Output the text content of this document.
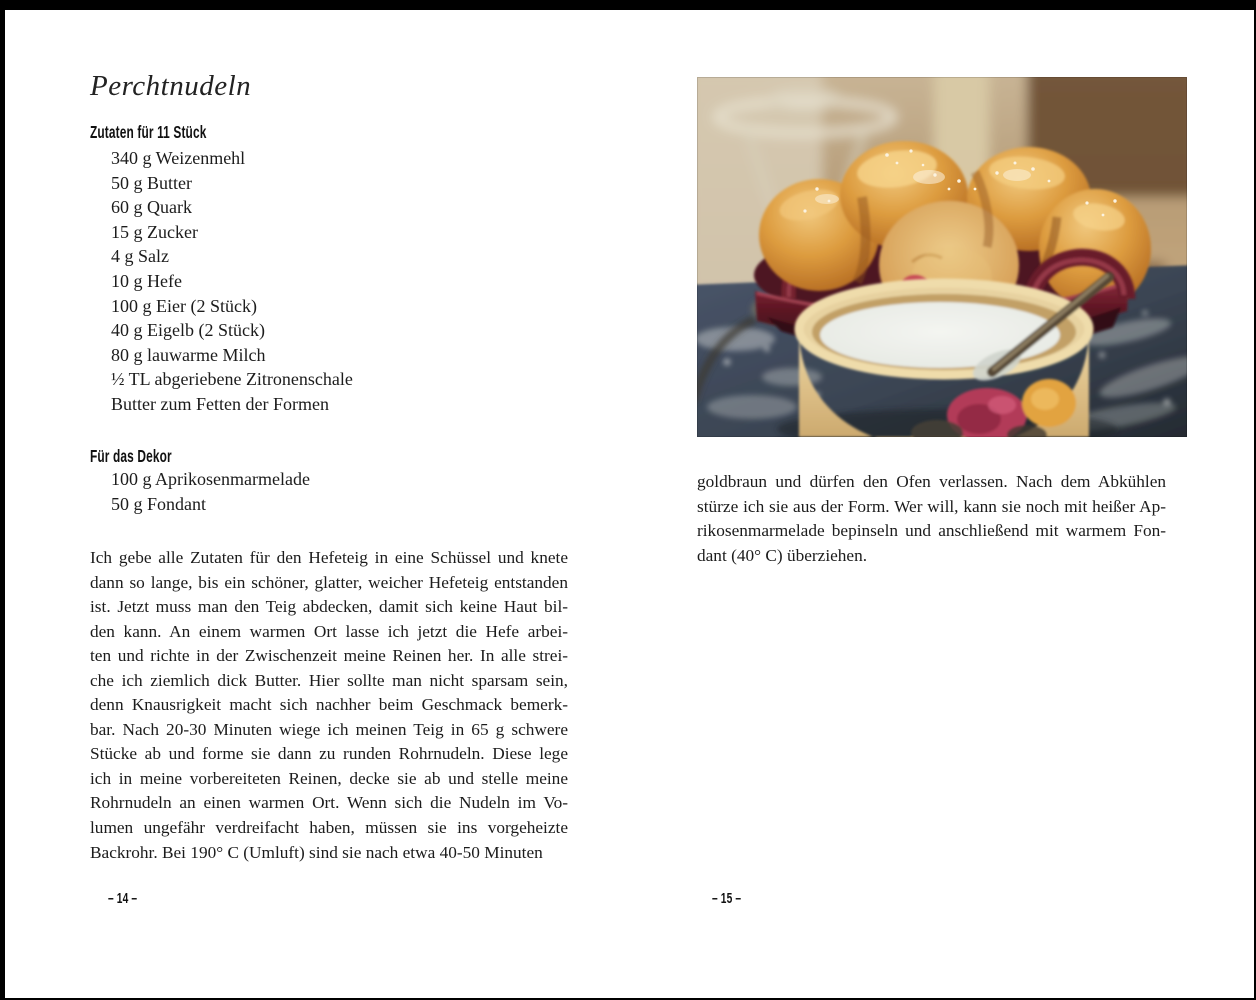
Perchtnudeln
Zutaten für 11 Stück
340 g Weizenmehl
50 g Butter
60 g Quark
15 g Zucker
4 g Salz
10 g Hefe
100 g Eier (2 Stück)
40 g Eigelb (2 Stück)
80 g lauwarme Milch
½ TL abgeriebene Zitronenschale
Butter zum Fetten der Formen
Für das Dekor
100 g Aprikosenmarmelade
50 g Fondant
Ich gebe alle Zutaten für den Hefeteig in eine Schüssel und knete
dann so lange, bis ein schöner, glatter, weicher Hefeteig entstanden
ist. Jetzt muss man den Teig abdecken, damit sich keine Haut bil-
den kann. An einem warmen Ort lasse ich jetzt die Hefe arbei-
ten und richte in der Zwischenzeit meine Reinen her. In alle strei-
che ich ziemlich dick Butter. Hier sollte man nicht sparsam sein,
denn Knausrigkeit macht sich nachher beim Geschmack bemerk-
bar. Nach 20-30 Minuten wiege ich meinen Teig in 65 g schwere
Stücke ab und forme sie dann zu runden Rohrnudeln. Diese lege
ich in meine vorbereiteten Reinen, decke sie ab und stelle meine
Rohrnudeln an einen warmen Ort. Wenn sich die Nudeln im Vo-
lumen ungefähr verdreifacht haben, müssen sie ins vorgeheizte
Backrohr. Bei 190° C (Umluft) sind sie nach etwa 40-50 Minuten
– 14 –
goldbraun und dürfen den Ofen verlassen. Nach dem Abkühlen
stürze ich sie aus der Form. Wer will, kann sie noch mit heißer Ap-
rikosenmarmelade bepinseln und anschließend mit warmem Fon-
dant (40° C) überziehen.
– 15 –
